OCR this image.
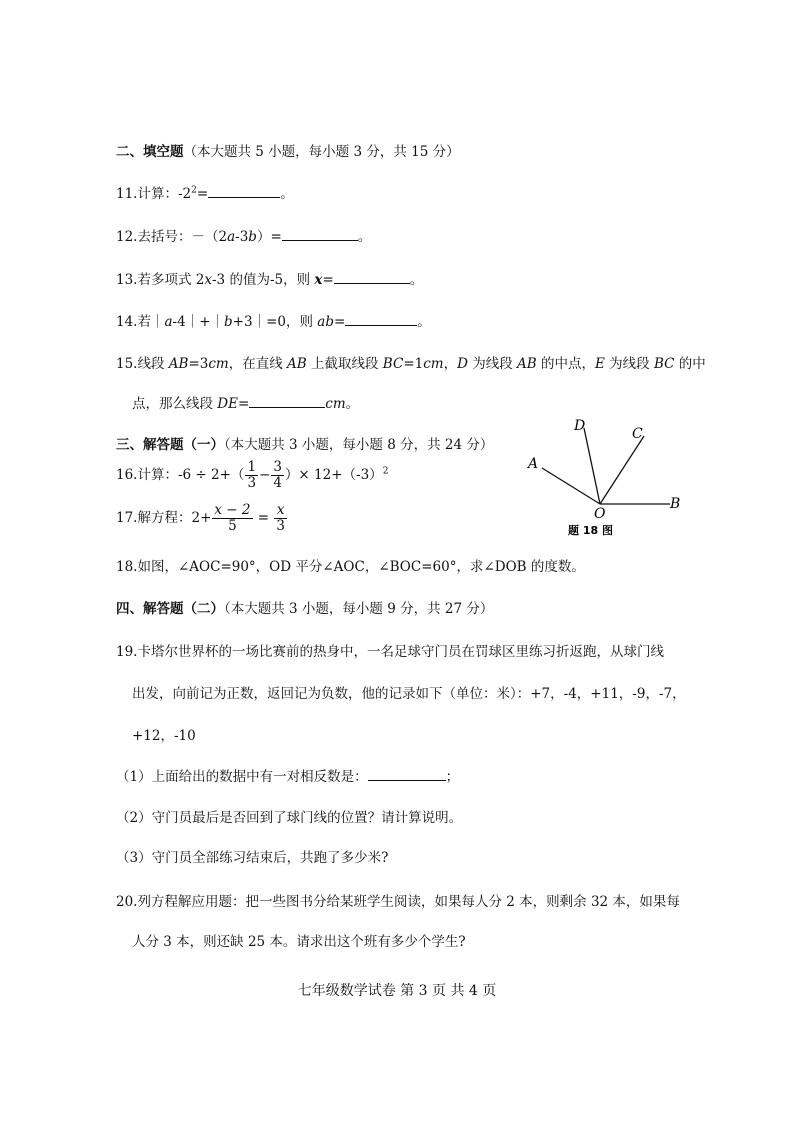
二、填空题（本大题共 5 小题，每小题 3 分，共 15 分）
11.计算：$-2^2=$	。
12.去括号：－（2a-3b）=	。
13.若多项式 2x-3 的值为-5，则 x=	。
14.若｜a-4｜+｜b+3｜=0，则 ab=	。
15.线段 AB=3cm，在直线 AB 上截取线段 BC=1cm，D 为线段 AB 的中点，E 为线段 BC 的中
点，那么线段 DE=	cm。
三、解答题（一）（本大题共 3 小题，每小题 8 分，共 24 分）
16.计算：$-6 \div 2+( \frac{1}{3} - \frac{3}{4}$ ）× $12+(-3)^2$
17.解方程：$2+ \frac{x - 2}{5} = \frac{x}{3}$
18.如图，∠AOC=90°，OD 平分∠AOC，∠BOC=60°，求∠DOB 的度数。
D	C
A
O
B
题 18 图
四、解答题（二）（本大题共 3 小题，每小题 9 分，共 27 分）
19.卡塔尔世界杯的一场比赛前的热身中，一名足球守门员在罚球区里练习折返跑，从球门线
出发，向前记为正数，返回记为负数，他的记录如下（单位：米）：+7，-4，+11，-9，-7，
+12，-10
（1）上面给出的数据中有一对相反数是：	；
（2）守门员最后是否回到了球门线的位置？请计算说明。
（3）守门员全部练习结束后，共跑了多少米?
20.列方程解应用题：把一些图书分给某班学生阅读，如果每人分 2 本，则剩余 32 本，如果每
人分 3 本，则还缺 25 本。请求出这个班有多少个学生?
七年级数学试卷 第 3 页 共 4 页
